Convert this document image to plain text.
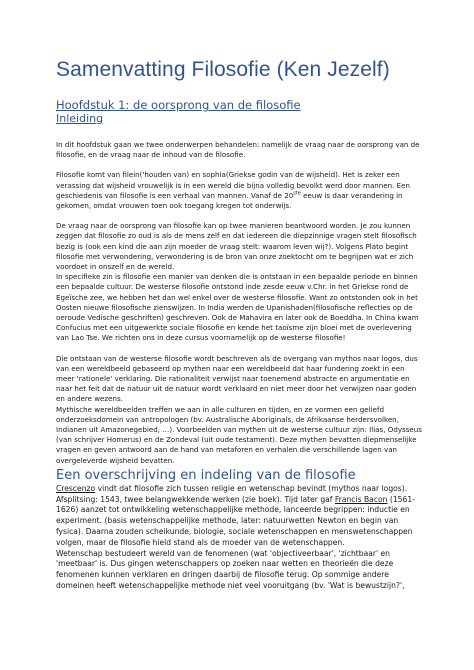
Samenvatting Filosofie (Ken Jezelf)
Hoofdstuk 1: de oorsprong van de filosofie
Inleiding

In dit hoofdstuk gaan we twee onderwerpen behandelen: namelijk de vraag naar de oorsprong van de filosofie, en de vraag naar de inhoud van de filosofie.

Filosofie komt van filein('houden van) en sophia(Griekse godin van de wijsheid). Het is zeker een verassing dat wijsheid vrouwelijk is in een wereld die bijna volledig bevolkt werd door mannen. Een geschiedenis van filosofie is een verhaal van mannen. Vanaf de 20ste eeuw is daar verandering in gekomen, omdat vrouwen toen ook toegang kregen tot onderwijs.

De vraag naar de oorsprong van filosofie kan op twee manieren beantwoord worden. Je zou kunnen zeggen dat filosofie zo oud is als de mens zelf en dat iedereen die diepzinnige vragen stelt filosofisch bezig is (ook een kind die aan zijn moeder de vraag stelt: waarom leven wij?). Volgens Plato begint filosofie met verwondering, verwondering is de bron van onze zoektocht om te begrijpen wat er zich voordoet in onszelf en de wereld.

In specifieke zin is filosofie een manier van denken die is ontstaan in een bepaalde periode en binnen een bepaalde cultuur. De westerse filosofie ontstond inde zesde eeuw v.Chr. in het Griekse rond de Egeïsche zee, we hebben het dan wel enkel over de westerse filosofie. Want zo ontstonden ook in het Oosten nieuwe filosofische zienswijzen. In India werden de Upanishaden(filosofische reflecties op de oeroude Vedische geschriften) geschreven. Ook de Mahavira en later ook de Boeddha. In China kwam Confucius met een uitgewerkte sociale filosofie en kende het taoïsme zijn bloei met de overlevering van Lao Tse. We richten ons in deze cursus voornamelijk op de westerse filosofie!

Die ontstaan van de westerse filosofie wordt beschreven als de overgang van mythos naar logos, dus van een wereldbeeld gebaseerd op mythen naar een wereldbeeld dat haar fundering zoekt in een meer 'rationele' verklaring. Die rationaliteit verwijst naar toenemend abstracte en argumentatie en naar het feit dat de natuur uit de natuur wordt verklaard en niet meer door het verwijzen naar goden en andere wezens.

Mythische wereldbeelden treffen we aan in alle culturen en tijden, en ze vormen een geliefd onderzoeksdomein van antropologen (bv. Australische Aboriginals, de Afrikaanse herdersvolken, Indianen uit Amazonegebied, …). Voorbeelden van mythen uit de westerse cultuur zijn: Ilias, Odysseus (van schrijver Homerus) en de Zondeval (uit oude testament). Deze mythen bevatten diepmenselijke vragen en geven antwoord aan de hand van metaforen en verhalen die verschillende lagen van overgeleverde wijsheid bevatten.

Een overschrijving en indeling van de filosofie

Crescenzo vindt dat filosofie zich tussen religie en wetenschap bevindt (mythos naar logos). Afsplitsing: 1543, twee belangwekkende werken (zie boek). Tijd later gaf Francis Bacon (1561-1626) aanzet tot ontwikkeling wetenschappelijke methode, lanceerde begrippen: inductie en experiment. (basis wetenschappelijke methode, later: natuurwetten Newton en begin van fysica). Daarna zouden scheikunde, biologie, sociale wetenschappen en menswetenschappen volgen, maar de filosofie hield stand als de moeder van de wetenschappen.

Wetenschap bestudeert wereld van de fenomenen (wat 'objectiveerbaar', 'zichtbaar' en 'meetbaar' is. Dus gingen wetenschappers op zoeken naar wetten en theorieën die deze fenomenen kunnen verklaren en dringen daarbij de filosofie terug. Op sommige andere domeinen heeft wetenschappelijke methode niet veel vooruitgang (bv. 'Wat is bewustzijn?',
